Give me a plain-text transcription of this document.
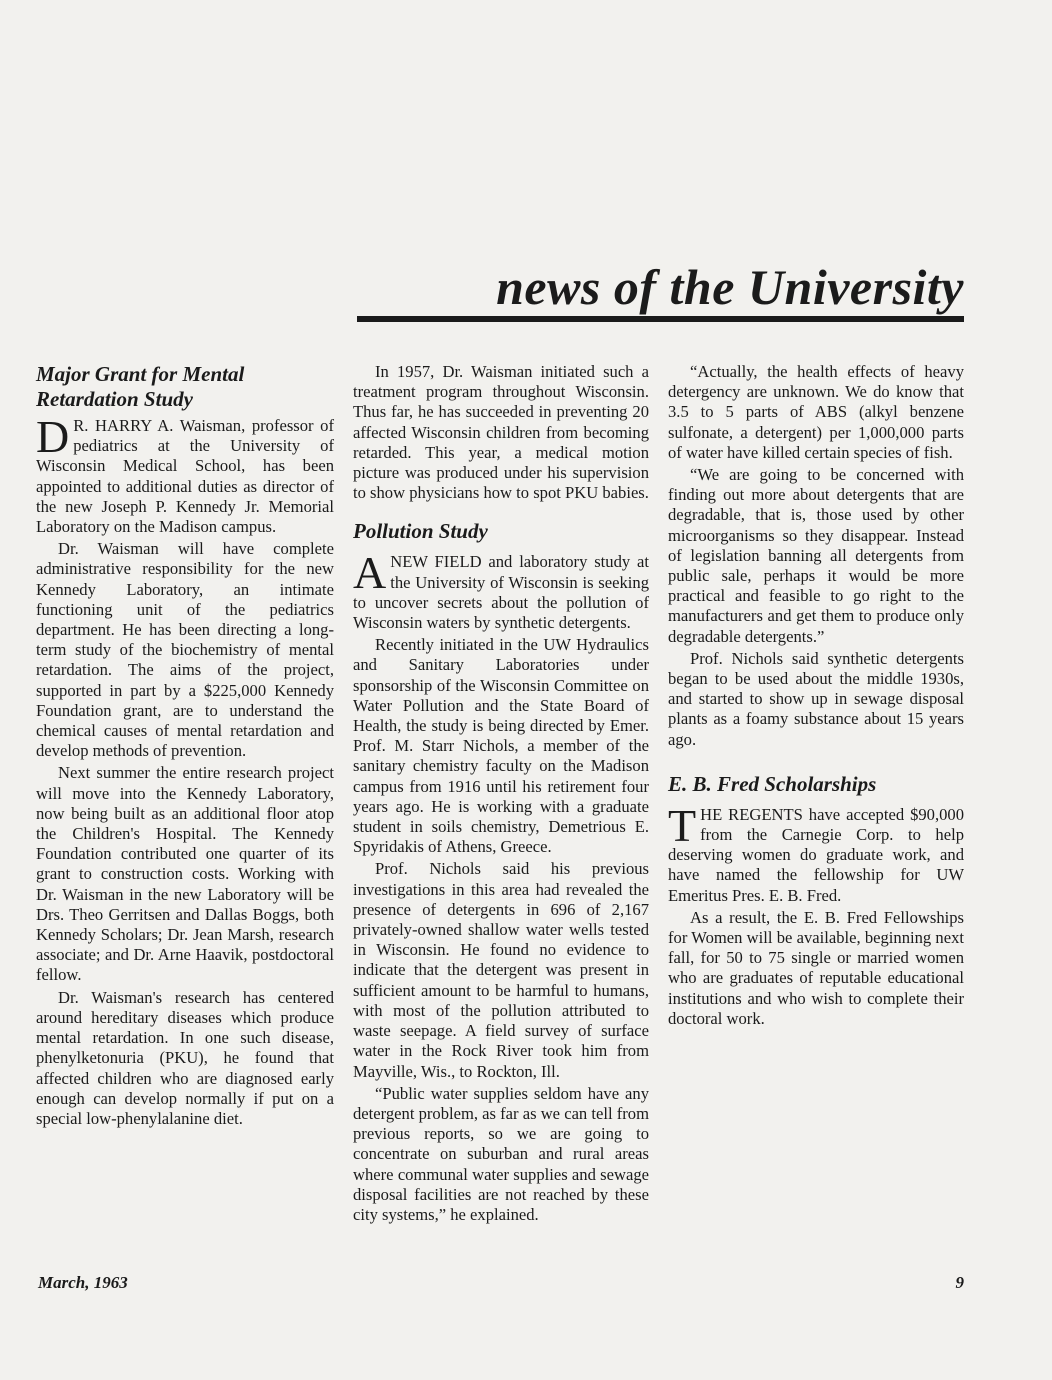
news of the University
Major Grant for Mental Retardation Study

D R. HARRY A. Waisman, professor of pediatrics at the University of Wisconsin Medical School, has been appointed to additional duties as director of the new Joseph P. Kennedy Jr. Memorial Laboratory on the Madison campus.

Dr. Waisman will have complete administrative responsibility for the new Kennedy Laboratory, an intimate functioning unit of the pediatrics department. He has been directing a long-term study of the biochemistry of mental retardation. The aims of the project, supported in part by a $225,000 Kennedy Foundation grant, are to understand the chemical causes of mental retardation and develop methods of prevention.

Next summer the entire research project will move into the Kennedy Laboratory, now being built as an additional floor atop the Children's Hospital. The Kennedy Foundation contributed one quarter of its grant to construction costs. Working with Dr. Waisman in the new Laboratory will be Drs. Theo Gerritsen and Dallas Boggs, both Kennedy Scholars; Dr. Jean Marsh, research associate; and Dr. Arne Haavik, postdoctoral fellow.

Dr. Waisman's research has centered around hereditary diseases which produce mental retardation. In one such disease, phenylketonuria (PKU), he found that affected children who are diagnosed early enough can develop normally if put on a special low-phenylalanine diet.

In 1957, Dr. Waisman initiated such a treatment program throughout Wisconsin. Thus far, he has succeeded in preventing 20 affected Wisconsin children from becoming retarded. This year, a medical motion picture was produced under his supervision to show physicians how to spot PKU babies.

Pollution Study

ANEW FIELD and laboratory study at the University of Wisconsin is seeking to uncover secrets about the pollution of Wisconsin waters by synthetic detergents.

Recently initiated in the UW Hydraulics and Sanitary Laboratories under sponsorship of the Wisconsin Committee on Water Pollution and the State Board of Health, the study is being directed by Emer. Prof. M. Starr Nichols, a member of the sanitary chemistry faculty on the Madison campus from 1916 until his retirement four years ago. He is working with a graduate student in soils chemistry, Demetrious E. Spyridakis of Athens, Greece.

Prof. Nichols said his previous investigations in this area had revealed the presence of detergents in 696 of 2,167 privately-owned shallow water wells tested in Wisconsin. He found no evidence to indicate that the detergent was present in sufficient amount to be harmful to humans, with most of the pollution attributed to waste seepage. A field survey of surface water in the Rock River took him from Mayville, Wis., to Rockton, Ill.

“Public water supplies seldom have any detergent problem, as far as we can tell from previous reports, so we are going to concentrate on suburban and rural areas where communal water supplies and sewage disposal facilities are not reached by these city systems,” he explained.

“Actually, the health effects of heavy detergency are unknown. We do know that 3.5 to 5 parts of ABS (alkyl benzene sulfonate, a detergent) per 1,000,000 parts of water have killed certain species of fish.

“We are going to be concerned with finding out more about detergents that are degradable, that is, those used by other microorganisms so they disappear. Instead of legislation banning all detergents from public sale, perhaps it would be more practical and feasible to go right to the manufacturers and get them to produce only degradable detergents.”

Prof. Nichols said synthetic detergents began to be used about the middle 1930s, and started to show up in sewage disposal plants as a foamy substance about 15 years ago.

E. B. Fred Scholarships

THE REGENTS have accepted $90,000 from the Carnegie Corp. to help deserving women do graduate work, and have named the fellowship for UW Emeritus Pres. E. B. Fred.

As a result, the E. B. Fred Fellowships for Women will be available, beginning next fall, for 50 to 75 single or married women who are graduates of reputable educational institutions and who wish to complete their doctoral work.

March, 1963	9
